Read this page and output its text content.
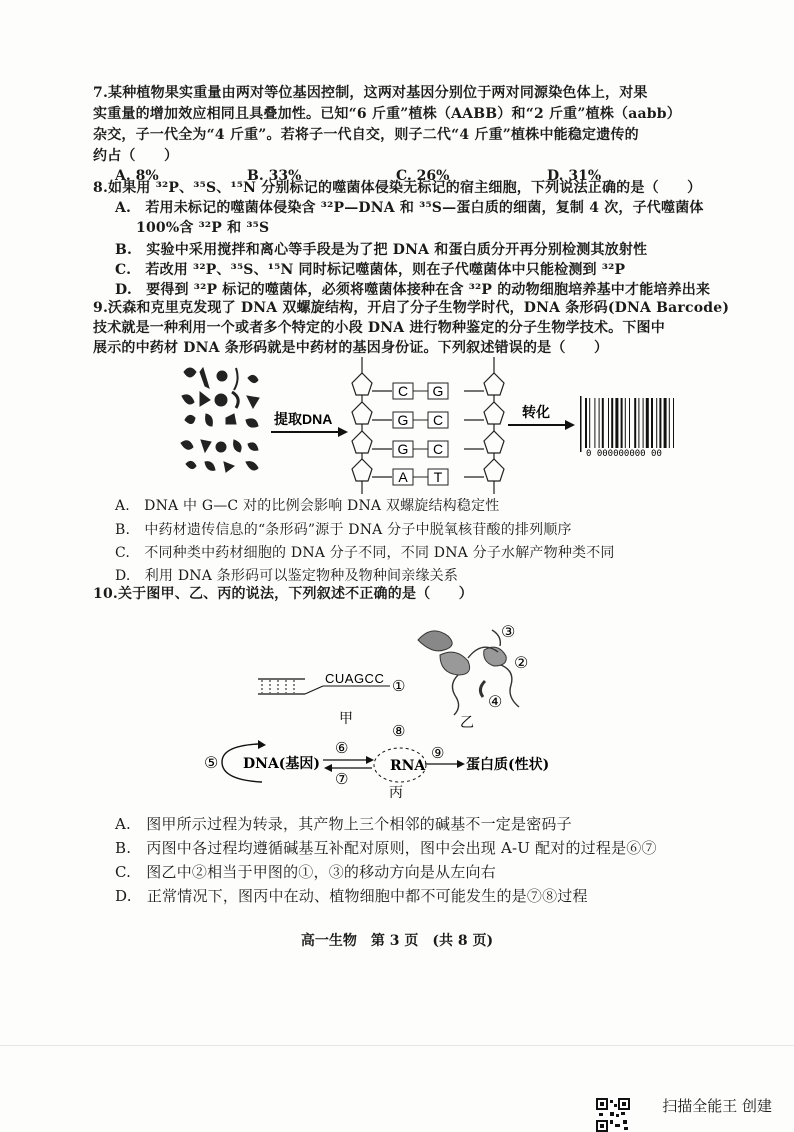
7.某种植物果实重量由两对等位基因控制，这两对基因分别位于两对同源染色体上，对果
实重量的增加效应相同且具叠加性。已知“6 斤重”植株（AABB）和“2 斤重”植株（aabb）
杂交，子一代全为“4 斤重”。若将子一代自交，则子二代“4 斤重”植株中能稳定遗传的
约占（　　）
A. 8%	B. 33%	C. 26%	D. 31%
8.如果用 ³²P、³⁵S、¹⁵N 分别标记的噬菌体侵染无标记的宿主细胞，下列说法正确的是（　　）
A.　若用未标记的噬菌体侵染含 ³²P—DNA 和 ³⁵S—蛋白质的细菌，复制 4 次，子代噬菌体
100%含 ³²P 和 ³⁵S
B.　实验中采用搅拌和离心等手段是为了把 DNA 和蛋白质分开再分别检测其放射性
C.　若改用 ³²P、³⁵S、¹⁵N 同时标记噬菌体，则在子代噬菌体中只能检测到 ³²P
D.　要得到 ³²P 标记的噬菌体，必须将噬菌体接种在含 ³²P 的动物细胞培养基中才能培养出来
9.沃森和克里克发现了 DNA 双螺旋结构，开启了分子生物学时代，DNA 条形码(DNA Barcode)
技术就是一种利用一个或者多个特定的小段 DNA 进行物种鉴定的分子生物学技术。下图中
展示的中药材 DNA 条形码就是中药材的基因身份证。下列叙述错误的是（　　）
提取DNA
C G
G C
G C
A T
转化
0 000000000 00
A.　DNA 中 G—C 对的比例会影响 DNA 双螺旋结构稳定性
B.　中药材遗传信息的“条形码”源于 DNA 分子中脱氧核苷酸的排列顺序
C.　不同种类中药材细胞的 DNA 分子不同，不同 DNA 分子水解产物种类不同
D.　利用 DNA 条形码可以鉴定物种及物种间亲缘关系
10.关于图甲、乙、丙的说法，下列叙述不正确的是（　　）
CUAGCC ①
甲
③
②
④
乙
⑤ DNA(基因)
⑥
⑦
⑧
RNA
⑨
蛋白质(性状)
丙
A.　图甲所示过程为转录，其产物上三个相邻的碱基不一定是密码子
B.　丙图中各过程均遵循碱基互补配对原则，图中会出现 A-U 配对的过程是⑥⑦
C.　图乙中②相当于甲图的①，③的移动方向是从左向右
D.　正常情况下，图丙中在动、植物细胞中都不可能发生的是⑦⑧过程
高一生物　第 3 页　(共 8 页)
扫描全能王 创建
